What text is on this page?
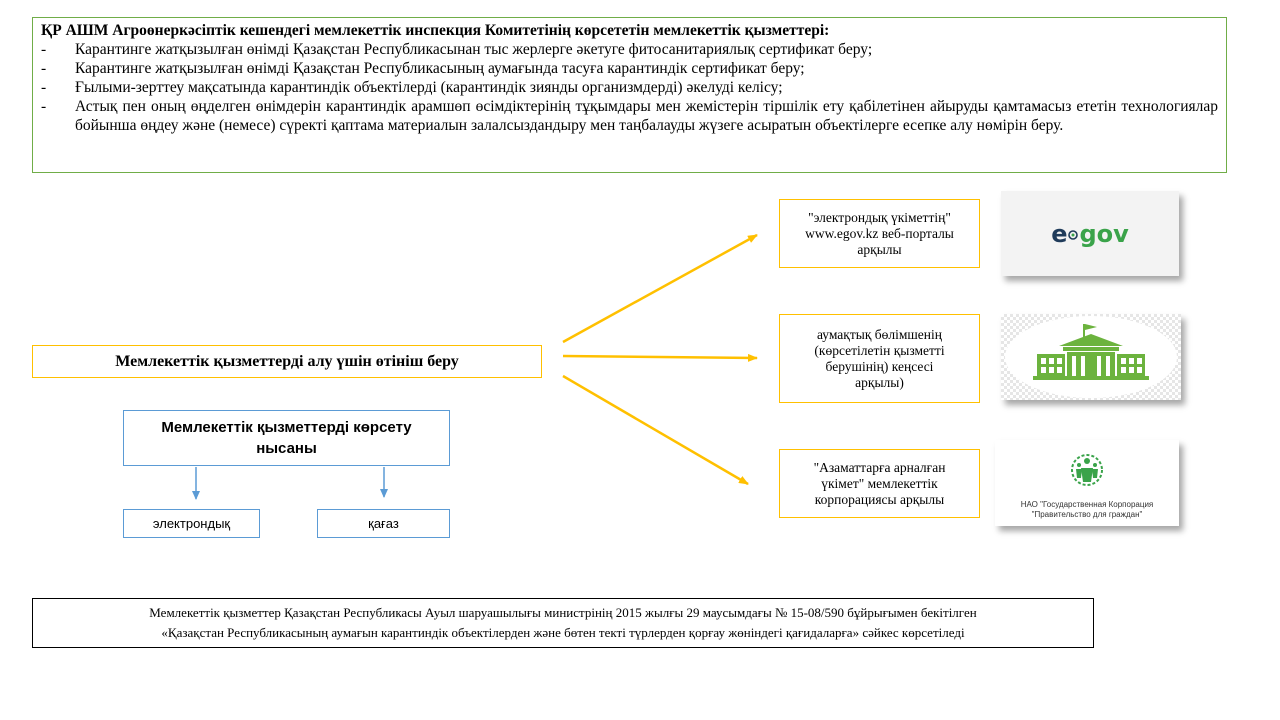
ҚР АШМ Агроөнеркәсіптік кешендегі мемлекеттік инспекция Комитетінің көрсететін мемлекеттік қызметтері:
- Карантинге жатқызылған өнімді Қазақстан Республикасынан тыс жерлерге әкетуге фитосанитариялық сертификат беру;
- Карантинге жатқызылған өнімді Қазақстан Республикасының аумағында тасуға карантиндік сертификат беру;
- Ғылыми-зерттеу мақсатында карантиндік объектілерді (карантиндік зиянды организмдерді) әкелуді келісу;
- Астық пен оның өңделген өнімдерін карантиндік арамшөп өсімдіктерінің тұқымдары мен жемістерін тіршілік ету қабілетінен айыруды қамтамасыз ететін технологиялар бойынша өңдеу және (немесе) сүректі қаптама материалын залалсыздандыру мен таңбалауды жүзеге асыратын объектілерге есепке алу нөмірін беру.
Мемлекеттік қызметтерді алу үшін өтініш беру
"электрондық үкіметтің"
www.egov.kz веб-порталы
арқылы
аумақтық бөлімшенің
(көрсетілетін қызметті
берушінің) кеңсесі
арқылы)
"Азаматтарға арналған
үкімет" мемлекеттік
корпорациясы арқылы
e gov
НАО "Государственная Корпорация
"Правительство для граждан"
Мемлекеттік қызметтерді көрсету
нысаны
электрондық	қағаз
Мемлекеттік қызметтер Қазақстан Республикасы Ауыл шаруашылығы министрінің 2015 жылғы 29 маусымдағы № 15-08/590 бұйрығымен бекітілген
«Қазақстан Республикасының аумағын карантиндік объектілерден және бөтен текті түрлерден қорғау жөніндегі қағидаларға» сәйкес көрсетіледі
